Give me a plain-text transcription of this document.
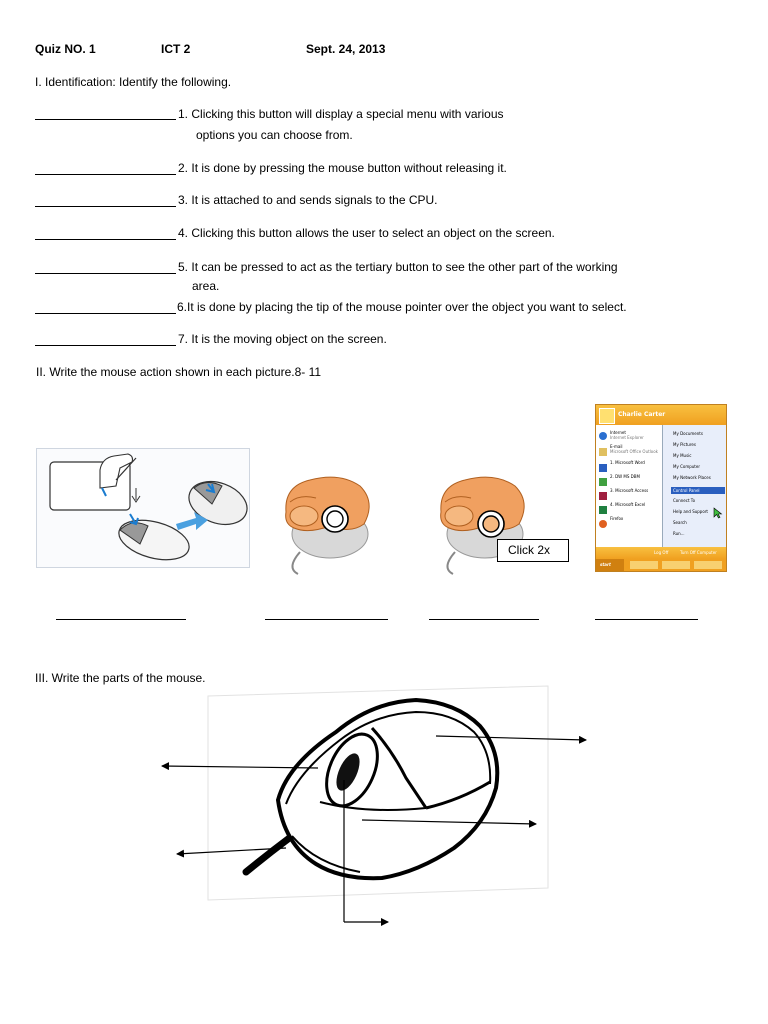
Quiz NO. 1	ICT 2	Sept. 24, 2013
I. Identification: Identify the following.
1. Clicking this button will display a special menu with various
options you can choose from.
2. It is done by pressing the mouse button without releasing it.
3. It is attached to and sends signals to the CPU.
4. Clicking this button allows the user to select an object on the screen.
5. It can be pressed to act as the tertiary button to see the other part of the working
area.
6.It is done by placing the tip of the mouse pointer over the object you want to select.
7. It is the moving object on the screen.
II. Write the mouse action shown in each picture.8- 11
Click 2x
Charlie Carter
Internet
Internet Explorer
E-mail
Microsoft Office Outlook
1. Microsoft Word
2. DW MS DBM
3. Microsoft Access
4. Microsoft Excel
Firefox
My Documents
My Pictures
My Music
My Computer
My Network Places
Control Panel
Connect To
Help and Support
Search
Run...
Log Off	Turn Off Computer
start
III. Write the parts of the mouse.
